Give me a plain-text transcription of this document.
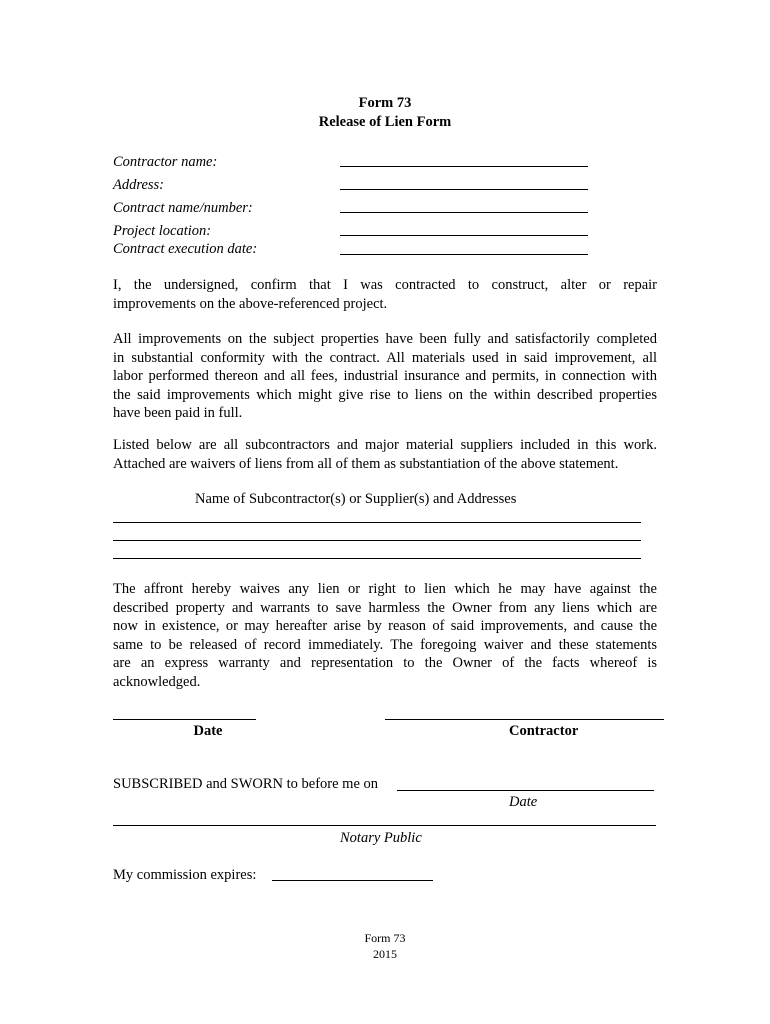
Form 73
Release of Lien Form
Contractor name:
Address:
Contract name/number:
Project location:
Contract execution date:
I, the undersigned, confirm that I was contracted to construct, alter or repair
improvements on the above-referenced project.
All improvements on the subject properties have been fully and satisfactorily completed
in substantial conformity with the contract. All materials used in said improvement, all
labor performed thereon and all fees, industrial insurance and permits, in connection with
the said improvements which might give rise to liens on the within described properties
have been paid in full.
Listed below are all subcontractors and major material suppliers included in this work.
Attached are waivers of liens from all of them as substantiation of the above statement.
Name of Subcontractor(s) or Supplier(s) and Addresses
The affront hereby waives any lien or right to lien which he may have against the
described property and warrants to save harmless the Owner from any liens which are
now in existence, or may hereafter arise by reason of said improvements, and cause the
same to be released of record immediately. The foregoing waiver and these statements
are an express warranty and representation to the Owner of the facts whereof is
acknowledged.
Date	Contractor
SUBSCRIBED and SWORN to before me on
Date
Notary Public
My commission expires:
Form 73
2015
